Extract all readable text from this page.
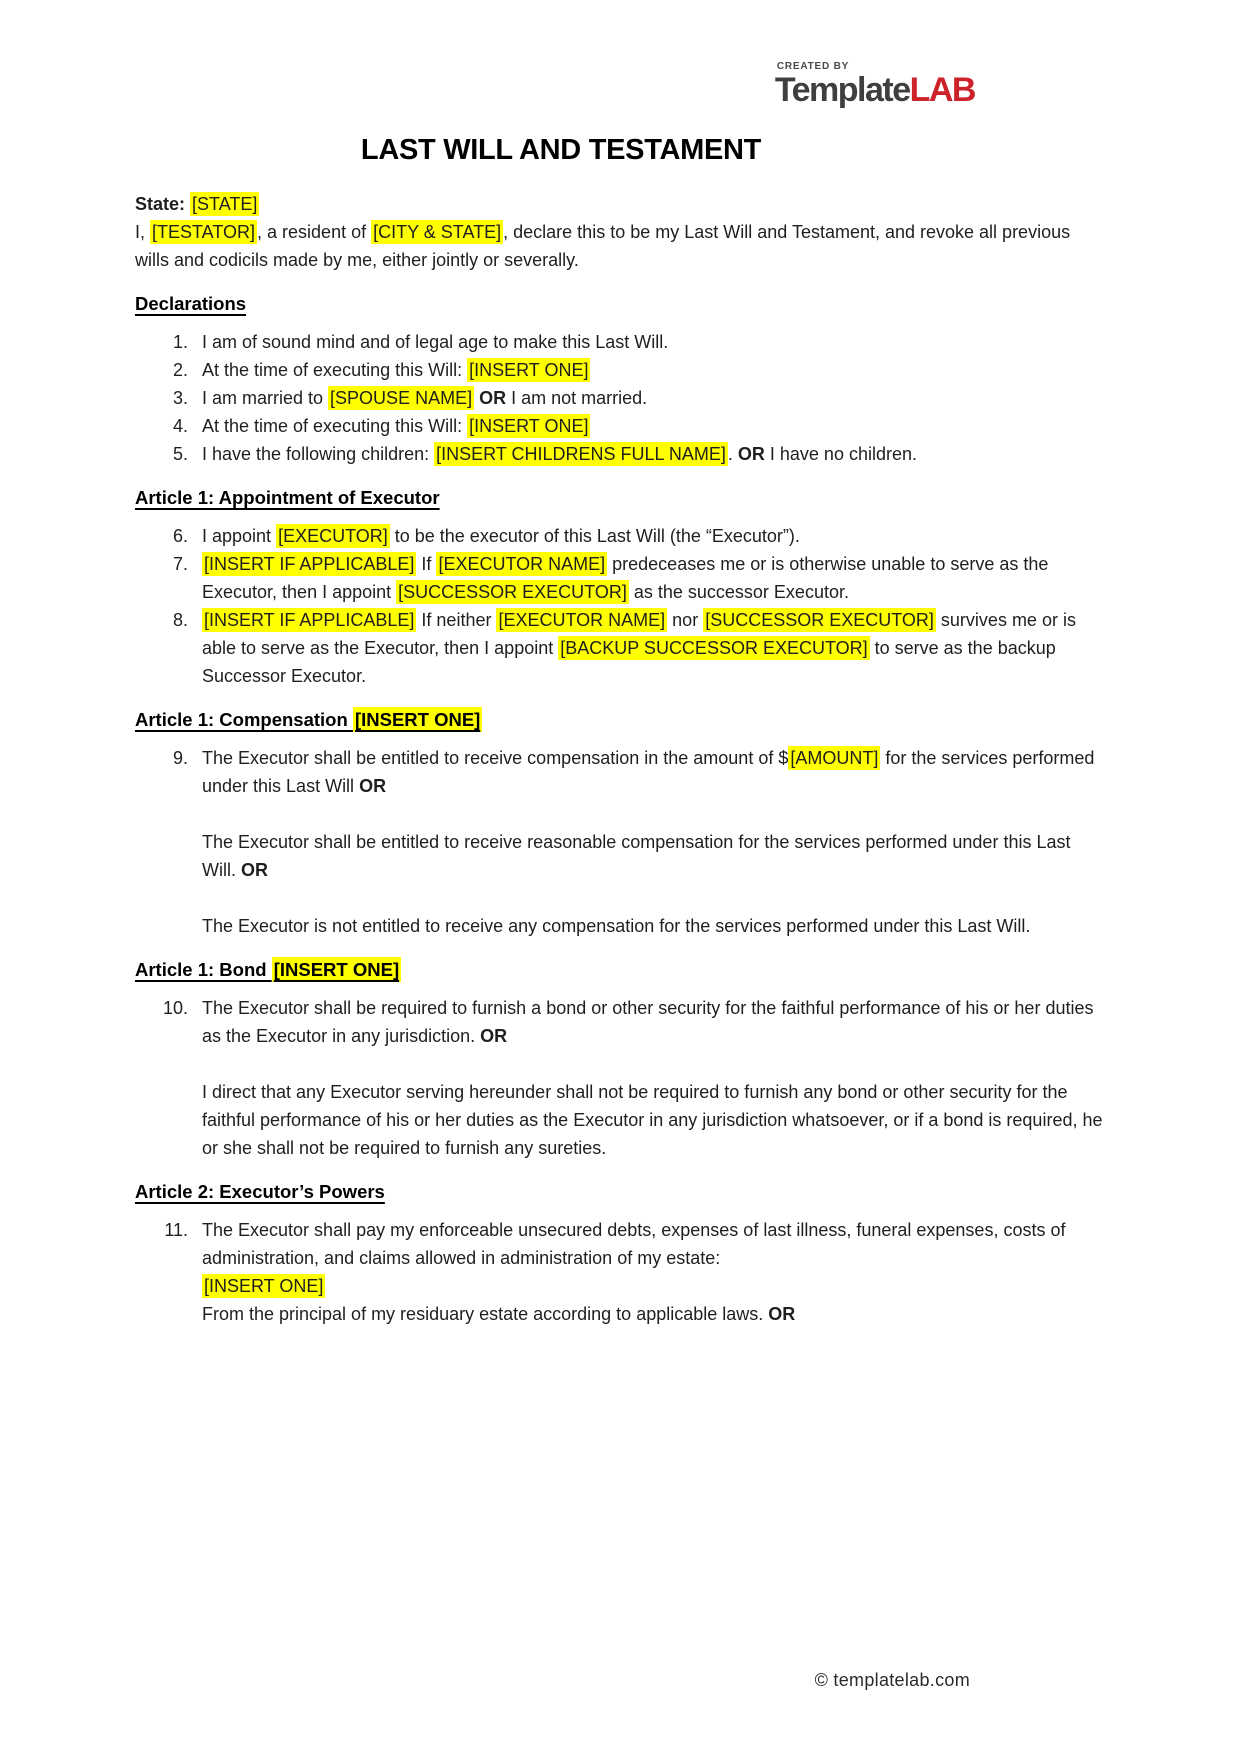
CREATED BY
TemplateLAB
LAST WILL AND TESTAMENT

State: [STATE]

I, [TESTATOR] , a resident of [CITY & STATE] , declare this to be my Last Will and Testament, and revoke all previous wills and codicils made by me, either jointly or severally.

Declarations
1. I am of sound mind and of legal age to make this Last Will.

2. At the time of executing this Will: [INSERT ONE]

3. I am married to [SPOUSE NAME] OR I am not married.

4. At the time of executing this Will: [INSERT ONE]

5. I have the following children: [INSERT CHILDRENS FULL NAME] . OR I have no children.

Article 1: Appointment of Executor
6. I appoint [EXECUTOR] to be the executor of this Last Will (the “Executor”).

7. [INSERT IF APPLICABLE] If [EXECUTOR NAME] predeceases me or is otherwise unable to serve as the Executor, then I appoint [SUCCESSOR EXECUTOR] as the successor Executor.

8. [INSERT IF APPLICABLE] If neither [EXECUTOR NAME] nor [SUCCESSOR EXECUTOR] survives me or is able to serve as the Executor, then I appoint [BACKUP SUCCESSOR EXECUTOR] to serve as the backup Successor Executor.

Article 1: Compensation [INSERT ONE]
9. The Executor shall be entitled to receive compensation in the amount of $ [AMOUNT] for the services performed under this Last Will OR

The Executor shall be entitled to receive reasonable compensation for the services performed under this Last Will. OR

The Executor is not entitled to receive any compensation for the services performed under this Last Will.

Article 1: Bond [INSERT ONE]
10. The Executor shall be required to furnish a bond or other security for the faithful performance of his or her duties as the Executor in any jurisdiction. OR

I direct that any Executor serving hereunder shall not be required to furnish any bond or other security for the faithful performance of his or her duties as the Executor in any jurisdiction whatsoever, or if a bond is required, he or she shall not be required to furnish any sureties.

Article 2: Executor’s Powers
11. The Executor shall pay my enforceable unsecured debts, expenses of last illness, funeral expenses, costs of administration, and claims allowed in administration of my estate:
[INSERT ONE]
From the principal of my residuary estate according to applicable laws. OR

© templatelab.com
